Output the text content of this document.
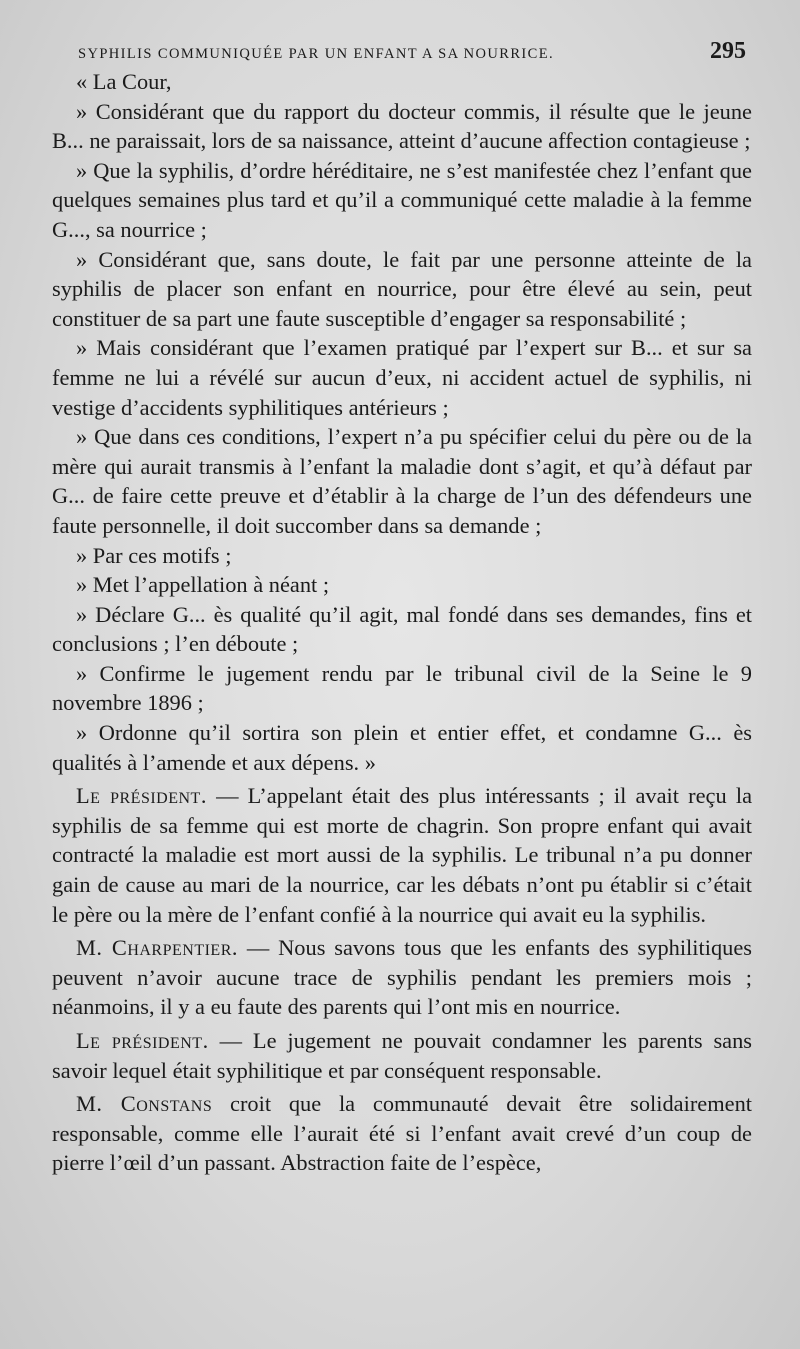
SYPHILIS COMMUNIQUÉE PAR UN ENFANT A SA NOURRICE.	295

« La Cour,

» Considérant que du rapport du docteur commis, il résulte que le jeune B... ne paraissait, lors de sa naissance, atteint d’aucune affection contagieuse ;

» Que la syphilis, d’ordre héréditaire, ne s’est manifestée chez l’enfant que quelques semaines plus tard et qu’il a communiqué cette maladie à la femme G..., sa nourrice ;

» Considérant que, sans doute, le fait par une personne atteinte de la syphilis de placer son enfant en nourrice, pour être élevé au sein, peut constituer de sa part une faute susceptible d’engager sa responsabilité ;

» Mais considérant que l’examen pratiqué par l’expert sur B... et sur sa femme ne lui a révélé sur aucun d’eux, ni accident actuel de syphilis, ni vestige d’accidents syphilitiques antérieurs ;

» Que dans ces conditions, l’expert n’a pu spécifier celui du père ou de la mère qui aurait transmis à l’enfant la maladie dont s’agit, et qu’à défaut par G... de faire cette preuve et d’établir à la charge de l’un des défendeurs une faute personnelle, il doit succomber dans sa demande ;

» Par ces motifs ;

» Met l’appellation à néant ;

» Déclare G... ès qualité qu’il agit, mal fondé dans ses demandes, fins et conclusions ; l’en déboute ;

» Confirme le jugement rendu par le tribunal civil de la Seine le 9 novembre 1896 ;

» Ordonne qu’il sortira son plein et entier effet, et condamne G... ès qualités à l’amende et aux dépens. »

Le président. — L’appelant était des plus intéressants ; il avait reçu la syphilis de sa femme qui est morte de chagrin. Son propre enfant qui avait contracté la maladie est mort aussi de la syphilis. Le tribunal n’a pu donner gain de cause au mari de la nourrice, car les débats n’ont pu établir si c’était le père ou la mère de l’enfant confié à la nourrice qui avait eu la syphilis.

M. Charpentier. — Nous savons tous que les enfants des syphilitiques peuvent n’avoir aucune trace de syphilis pendant les premiers mois ; néanmoins, il y a eu faute des parents qui l’ont mis en nourrice.

Le président. — Le jugement ne pouvait condamner les parents sans savoir lequel était syphilitique et par conséquent responsable.

M. Constans croit que la communauté devait être solidairement responsable, comme elle l’aurait été si l’enfant avait crevé d’un coup de pierre l’œil d’un passant. Abstraction faite de l’espèce,
